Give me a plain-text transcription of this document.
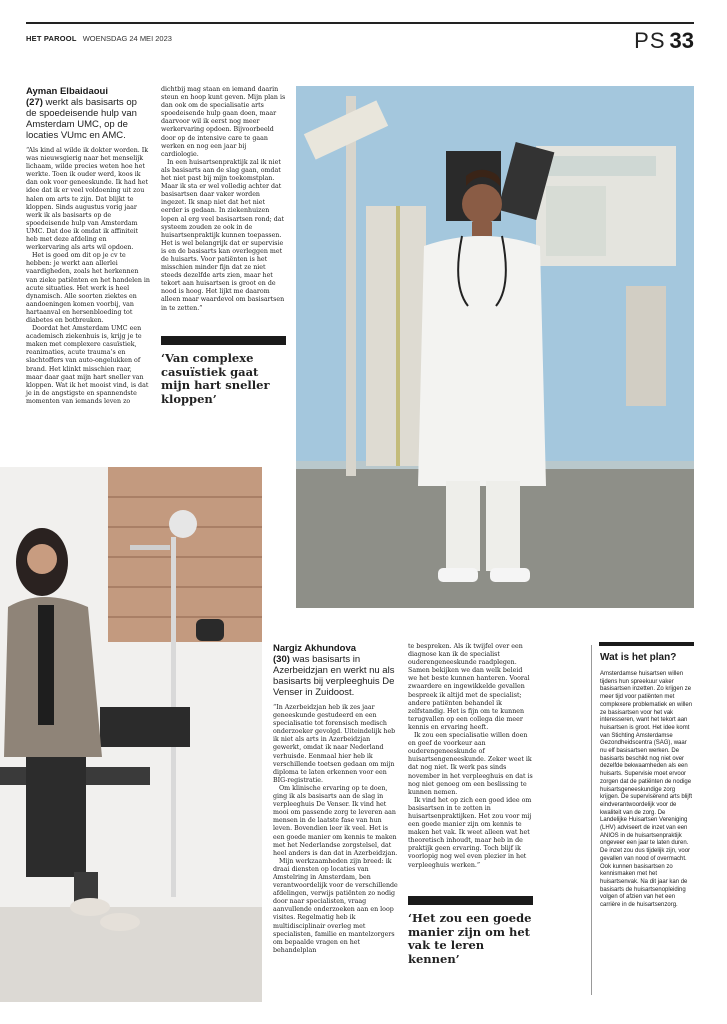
HET PAROOL WOENSDAG 24 MEI 2023	PS 33
Ayman Elbaidaoui
(27) werkt als basisarts op de spoedeisende hulp van Amsterdam UMC, op de locaties VUmc en AMC.

“Als kind al wilde ik dokter worden. Ik was nieuwsgierig naar het menselijk lichaam, wilde precies weten hoe het werkte. Toen ik ouder werd, koos ik dan ook voor geneeskunde. Ik had het idee dat ik er veel voldoening uit zou halen om arts te zijn. Dat blijkt te kloppen. Sinds augustus vorig jaar werk ik als basisarts op de spoedeisende hulp van Amsterdam UMC. Dat doe ik omdat ik affiniteit heb met deze afdeling en werkervaring als arts wil opdoen.

Het is goed om dit op je cv te hebben: je werkt aan allerlei vaardigheden, zoals het herkennen van zieke patiënten en het handelen in acute situaties. Het werk is heel dynamisch. Alle soorten ziektes en aandoeningen komen voorbij, van hartaanval en hersenbloeding tot diabetes en botbreuken.

Doordat het Amsterdam UMC een academisch ziekenhuis is, krijg je te maken met complexere casuïstiek, reanimaties, acute trauma’s en slachtoffers van auto-ongelukken of brand. Het klinkt misschien raar, maar daar gaat mijn hart sneller van kloppen. Wat ik het mooist vind, is dat je in de angstigste en spannendste momenten van iemands leven zo

dichtbij mag staan en iemand daarin steun en hoop kunt geven. Mijn plan is dan ook om de specialisatie arts spoedeisende hulp gaan doen, maar daarvoor wil ik eerst nog meer werkervaring opdoen. Bijvoorbeeld door op de intensive care te gaan werken en nog een jaar bij cardiologie.

In een huisartsenpraktijk zal ik niet als basisarts aan de slag gaan, omdat het niet past bij mijn toekomstplan. Maar ik sta er wel volledig achter dat basisartsen daar vaker worden ingezet. Ik snap niet dat het niet eerder is gedaan. In ziekenhuizen lopen al erg veel basisartsen rond; dat systeem zouden ze ook in de huisartsenpraktijk kunnen toepassen. Het is wel belangrijk dat er supervisie is en de basisarts kan overleggen met de huisarts. Voor patiënten is het misschien minder fijn dat ze niet steeds dezelfde arts zien, maar het tekort aan huisartsen is groot en de nood is hoog. Het lijkt me daarom alleen maar waardevol om basisartsen in te zetten.”

‘Van complexe casuïstiek gaat mijn hart sneller kloppen’
Nargiz Akhundova
(30) was basisarts in Azerbeidzjan en werkt nu als basisarts bij verpleeghuis De Venser in Zuidoost.

“In Azerbeidzjan heb ik zes jaar geneeskunde gestudeerd en een specialisatie tot forensisch medisch onderzoeker gevolgd. Uiteindelijk heb ik niet als arts in Azerbeidzjan gewerkt, omdat ik naar Nederland verhuisde. Eenmaal hier heb ik verschillende toetsen gedaan om mijn diploma te laten erkennen voor een BIG-registratie.

Om klinische ervaring op te doen, ging ik als basisarts aan de slag in verpleeghuis De Venser. Ik vind het mooi om passende zorg te leveren aan mensen in de laatste fase van hun leven. Bovendien leer ik veel. Het is een goede manier om kennis te maken met het Nederlandse zorgstelsel, dat heel anders is dan dat in Azerbeidzjan.

Mijn werkzaamheden zijn breed: ik draai diensten op locaties van Amstelring in Amsterdam, ben verantwoordelijk voor de verschillende afdelingen, verwijs patiënten zo nodig door naar specialisten, vraag aanvullende onderzoeken aan en loop visites. Regelmatig heb ik multidisciplinair overleg met specialisten, familie en mantelzorgers om bepaalde vragen en het behandelplan

te bespreken. Als ik twijfel over een diagnose kan ik de specialist ouderengeneeskunde raadplegen. Samen bekijken we dan welk beleid we het beste kunnen hanteren. Vooral zwaardere en ingewikkelde gevallen bespreek ik altijd met de specialist; andere patiënten behandel ik zelfstandig. Het is fijn om te kunnen terugvallen op een collega die meer kennis en ervaring heeft.

Ik zou een specialisatie willen doen en geef de voorkeur aan ouderengeneeskunde of huisartsengeneeskunde. Zeker weet ik dat nog niet. Ik werk pas sinds november in het verpleeghuis en dat is nog niet genoeg om een beslissing te kunnen nemen.

Ik vind het op zich een goed idee om basisartsen in te zetten in huisartsenpraktijken. Het zou voor mij een goede manier zijn om kennis te maken het vak. Ik weet alleen wat het theoretisch inhoudt, maar heb in de praktijk geen ervaring. Toch blijf ik voorlopig nog wel even plezier in het verpleeghuis werken.”

‘Het zou een goede manier zijn om het vak te leren kennen’
Wat is het plan?
Amsterdamse huisartsen willen tijdens hun spreekuur vaker basisartsen inzetten. Zo krijgen ze meer tijd voor patiënten met complexere problematiek en willen ze basisartsen voor het vak interesseren, want het tekort aan huisartsen is groot. Het idee komt van Stichting Amsterdamse Gezondheidscentra (SAG), waar nu elf basisartsen werken. De basisarts beschikt nog niet over dezelfde bekwaamheden als een huisarts. Supervisie moet ervoor zorgen dat de patiënten de nodige huisartsgeneeskundige zorg krijgen. De supervisërend arts blijft eindverantwoordelijk voor de kwaliteit van de zorg. De Landelijke Huisartsen Vereniging (LHV) adviseert de inzet van een ANIOS in de huisartsenpraktijk ongeveer een jaar te laten duren. De inzet zou dus tijdelijk zijn, voor gevallen van nood of overmacht. Ook kunnen basisartsen zo kennismaken met het huisartsenvak. Na dit jaar kan de basisarts de huisartsenopleiding volgen of afzien van het een carrière in de huisartsenzorg.
